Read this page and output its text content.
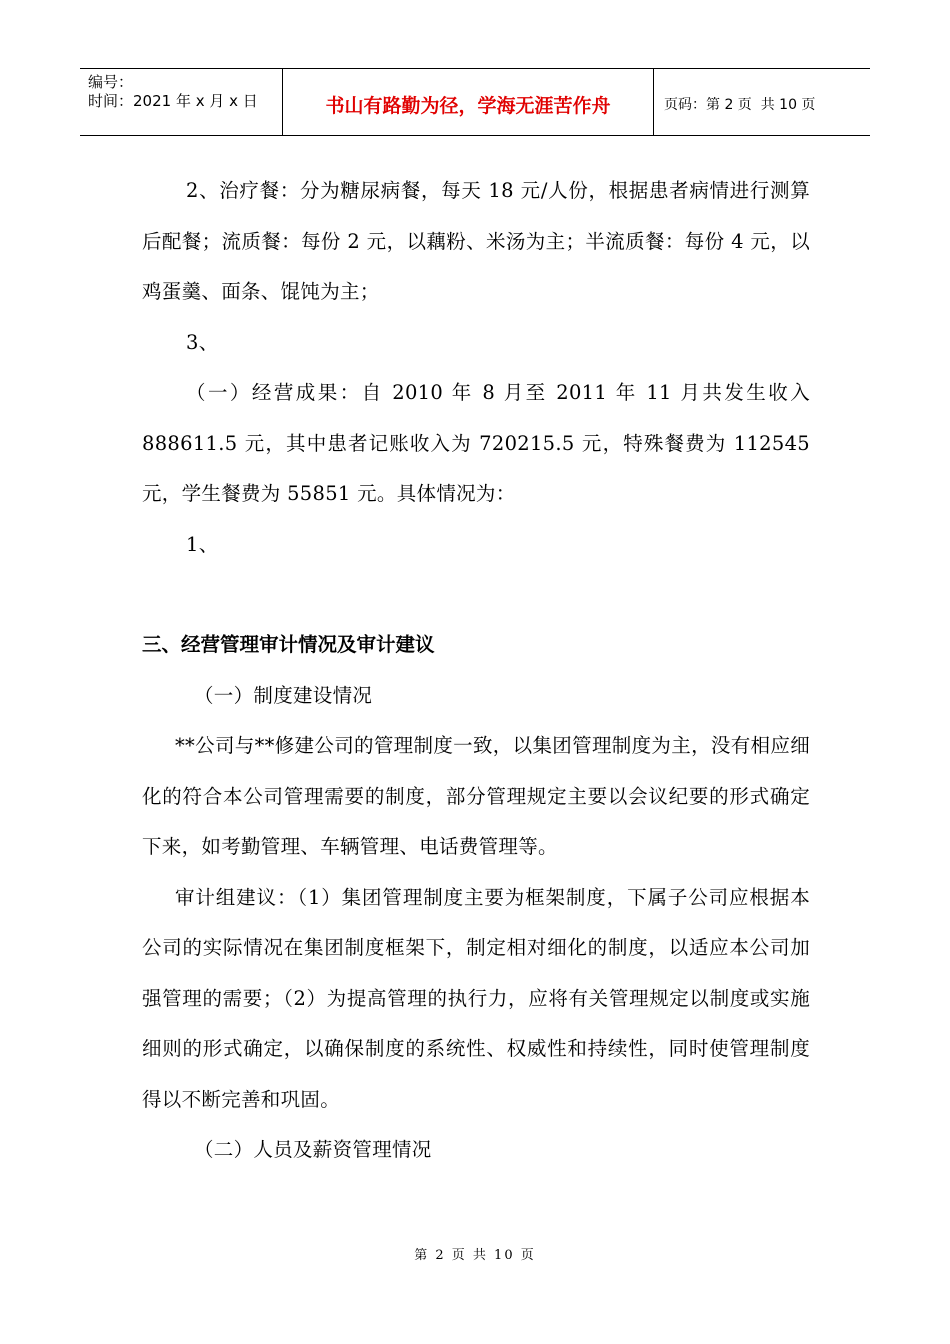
编号：
时间：2021 年 x 月 x 日	书山有路勤为径，学海无涯苦作舟	页码：第 2 页  共 10 页

2、治疗餐：分为糖尿病餐，每天 18 元/人份，根据患者病情进行测算后配餐；流质餐：每份 2 元，以藕粉、米汤为主；半流质餐：每份 4 元，以鸡蛋羹、面条、馄饨为主；

3、

（一）经营成果：自 2010 年 8 月至 2011 年 11 月共发生收入 888611.5 元，其中患者记账收入为 720215.5 元，特殊餐费为 112545 元，学生餐费为 55851 元。具体情况为：

1、

三、经营管理审计情况及审计建议

（一）制度建设情况

**公司与**修建公司的管理制度一致，以集团管理制度为主，没有相应细化的符合本公司管理需要的制度，部分管理规定主要以会议纪要的形式确定下来，如考勤管理、车辆管理、电话费管理等。

审计组建议：（1）集团管理制度主要为框架制度，下属子公司应根据本公司的实际情况在集团制度框架下，制定相对细化的制度，以适应本公司加强管理的需要；（2）为提高管理的执行力，应将有关管理规定以制度或实施细则的形式确定，以确保制度的系统性、权威性和持续性，同时使管理制度得以不断完善和巩固。

（二）人员及薪资管理情况

第 2 页 共 10 页
